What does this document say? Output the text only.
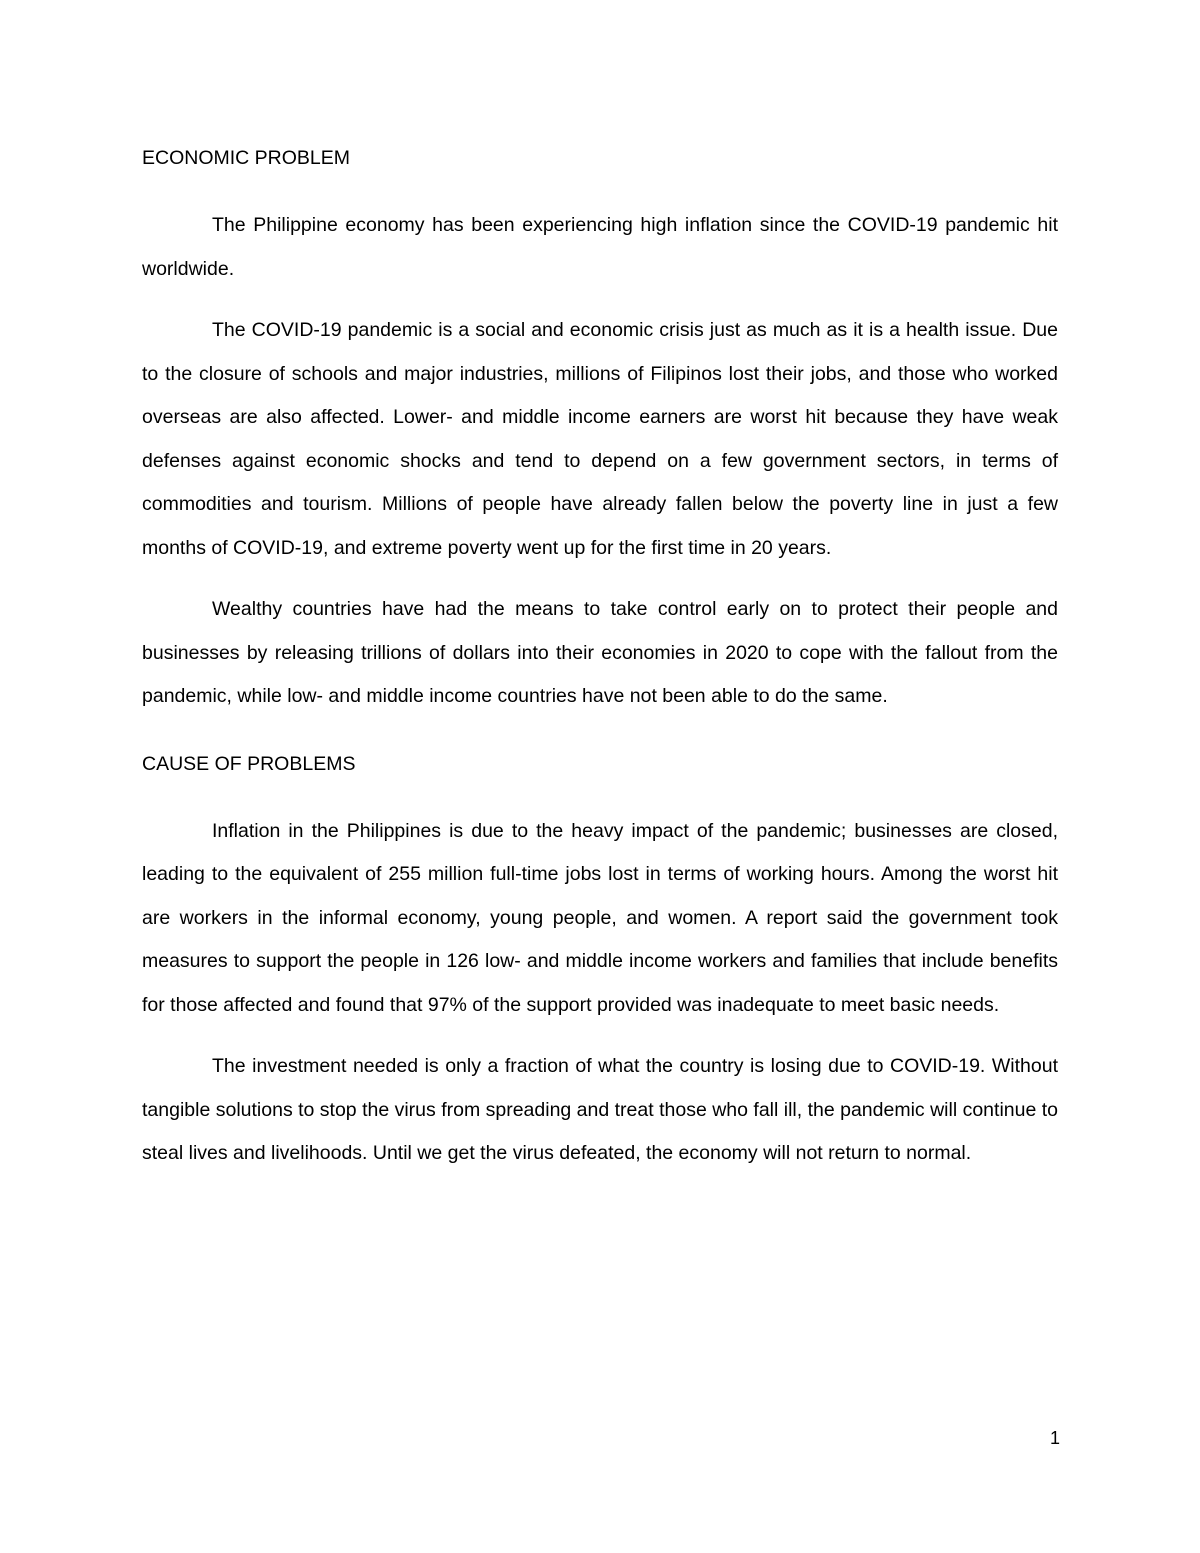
ECONOMIC PROBLEM

The Philippine economy has been experiencing high inflation since the COVID-19 pandemic hit worldwide.

The COVID-19 pandemic is a social and economic crisis just as much as it is a health issue. Due to the closure of schools and major industries, millions of Filipinos lost their jobs, and those who worked overseas are also affected. Lower- and middle income earners are worst hit because they have weak defenses against economic shocks and tend to depend on a few government sectors, in terms of commodities and tourism. Millions of people have already fallen below the poverty line in just a few months of COVID-19, and extreme poverty went up for the first time in 20 years.

Wealthy countries have had the means to take control early on to protect their people and businesses by releasing trillions of dollars into their economies in 2020 to cope with the fallout from the pandemic, while low- and middle income countries have not been able to do the same.

CAUSE OF PROBLEMS

Inflation in the Philippines is due to the heavy impact of the pandemic; businesses are closed, leading to the equivalent of 255 million full-time jobs lost in terms of working hours. Among the worst hit are workers in the informal economy, young people, and women. A report said the government took measures to support the people in 126 low- and middle income workers and families that include benefits for those affected and found that 97% of the support provided was inadequate to meet basic needs.

The investment needed is only a fraction of what the country is losing due to COVID-19. Without tangible solutions to stop the virus from spreading and treat those who fall ill, the pandemic will continue to steal lives and livelihoods. Until we get the virus defeated, the economy will not return to normal.

1
